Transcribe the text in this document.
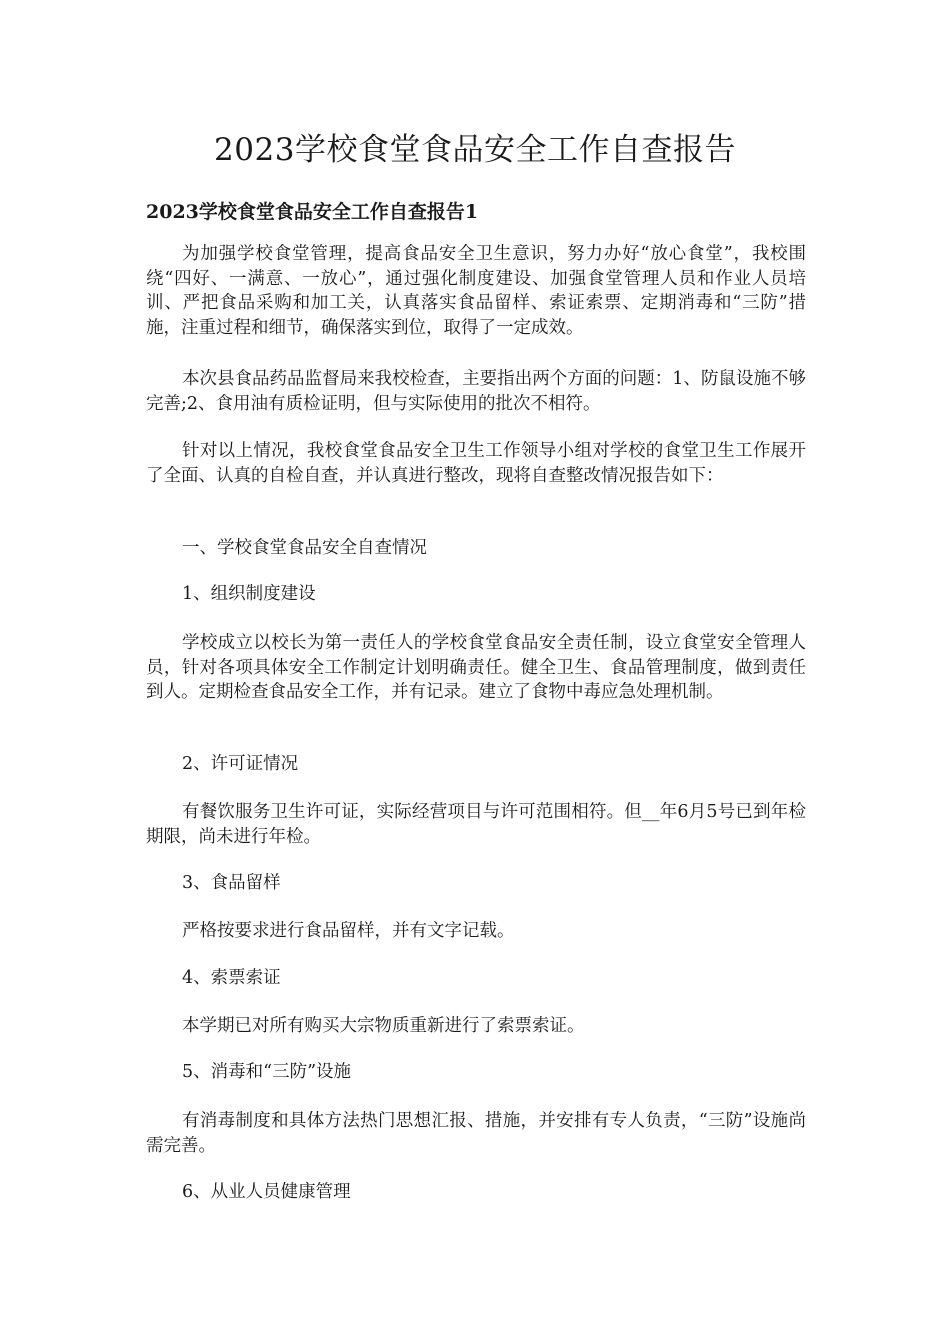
2023学校食堂食品安全工作自查报告
2023学校食堂食品安全工作自查报告1

为加强学校食堂管理，提高食品安全卫生意识，努力办好“放心食堂”，我校围绕“四好、一满意、一放心”，通过强化制度建设、加强食堂管理人员和作业人员培训、严把食品采购和加工关，认真落实食品留样、索证索票、定期消毒和“三防”措施，注重过程和细节，确保落实到位，取得了一定成效。

本次县食品药品监督局来我校检查，主要指出两个方面的问题：1、防鼠设施不够完善;2、食用油有质检证明，但与实际使用的批次不相符。

针对以上情况，我校食堂食品安全卫生工作领导小组对学校的食堂卫生工作展开了全面、认真的自检自查，并认真进行整改，现将自查整改情况报告如下：

一、学校食堂食品安全自查情况

1、组织制度建设

学校成立以校长为第一责任人的学校食堂食品安全责任制，设立食堂安全管理人员，针对各项具体安全工作制定计划明确责任。健全卫生、食品管理制度，做到责任到人。定期检查食品安全工作，并有记录。建立了食物中毒应急处理机制。

2、许可证情况

有餐饮服务卫生许可证，实际经营项目与许可范围相符。但__年6月5号已到年检期限，尚未进行年检。

3、食品留样

严格按要求进行食品留样，并有文字记载。

4、索票索证

本学期已对所有购买大宗物质重新进行了索票索证。

5、消毒和“三防”设施

有消毒制度和具体方法热门思想汇报、措施，并安排有专人负责，“三防”设施尚需完善。

6、从业人员健康管理
